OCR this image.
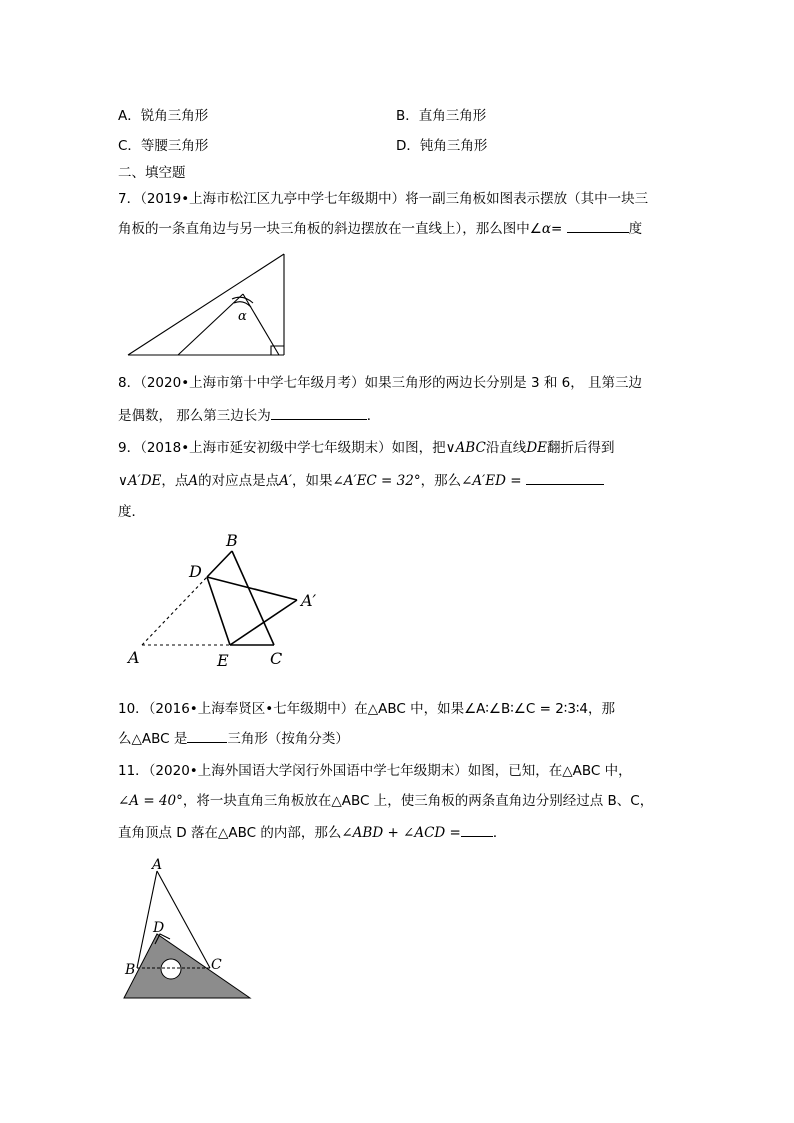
A．锐角三角形	B．直角三角形
C．等腰三角形	D．钝角三角形
二、填空题
7．（2019•上海市松江区九亭中学七年级期中）将一副三角板如图表示摆放（其中一块三
角板的一条直角边与另一块三角板的斜边摆放在一直线上），那么图中∠α=	度
α
8．（2020•上海市第十中学七年级月考）如果三角形的两边长分别是 3 和 6， 且第三边
是偶数， 那么第三边长为	．
9．（2018•上海市延安初级中学七年级期末）如图，把∨ABC沿直线DE翻折后得到
∨A′DE，点A的对应点是点A′，如果∠A′EC = 32°，那么∠A′ED =
度．
B
D
A′
A	E	C
10．（2016•上海奉贤区•七年级期中）在△ABC 中，如果∠A∶∠B∶∠C = 2∶3∶4，那
么△ABC 是	三角形（按角分类）
11．（2020•上海外国语大学闵行外国语中学七年级期末）如图，已知，在△ABC 中，
∠A = 40°，将一块直角三角板放在△ABC 上，使三角板的两条直角边分别经过点 B、C，
直角顶点 D 落在△ABC 的内部，那么∠ABD + ∠ACD = ．
A
D
B	C
